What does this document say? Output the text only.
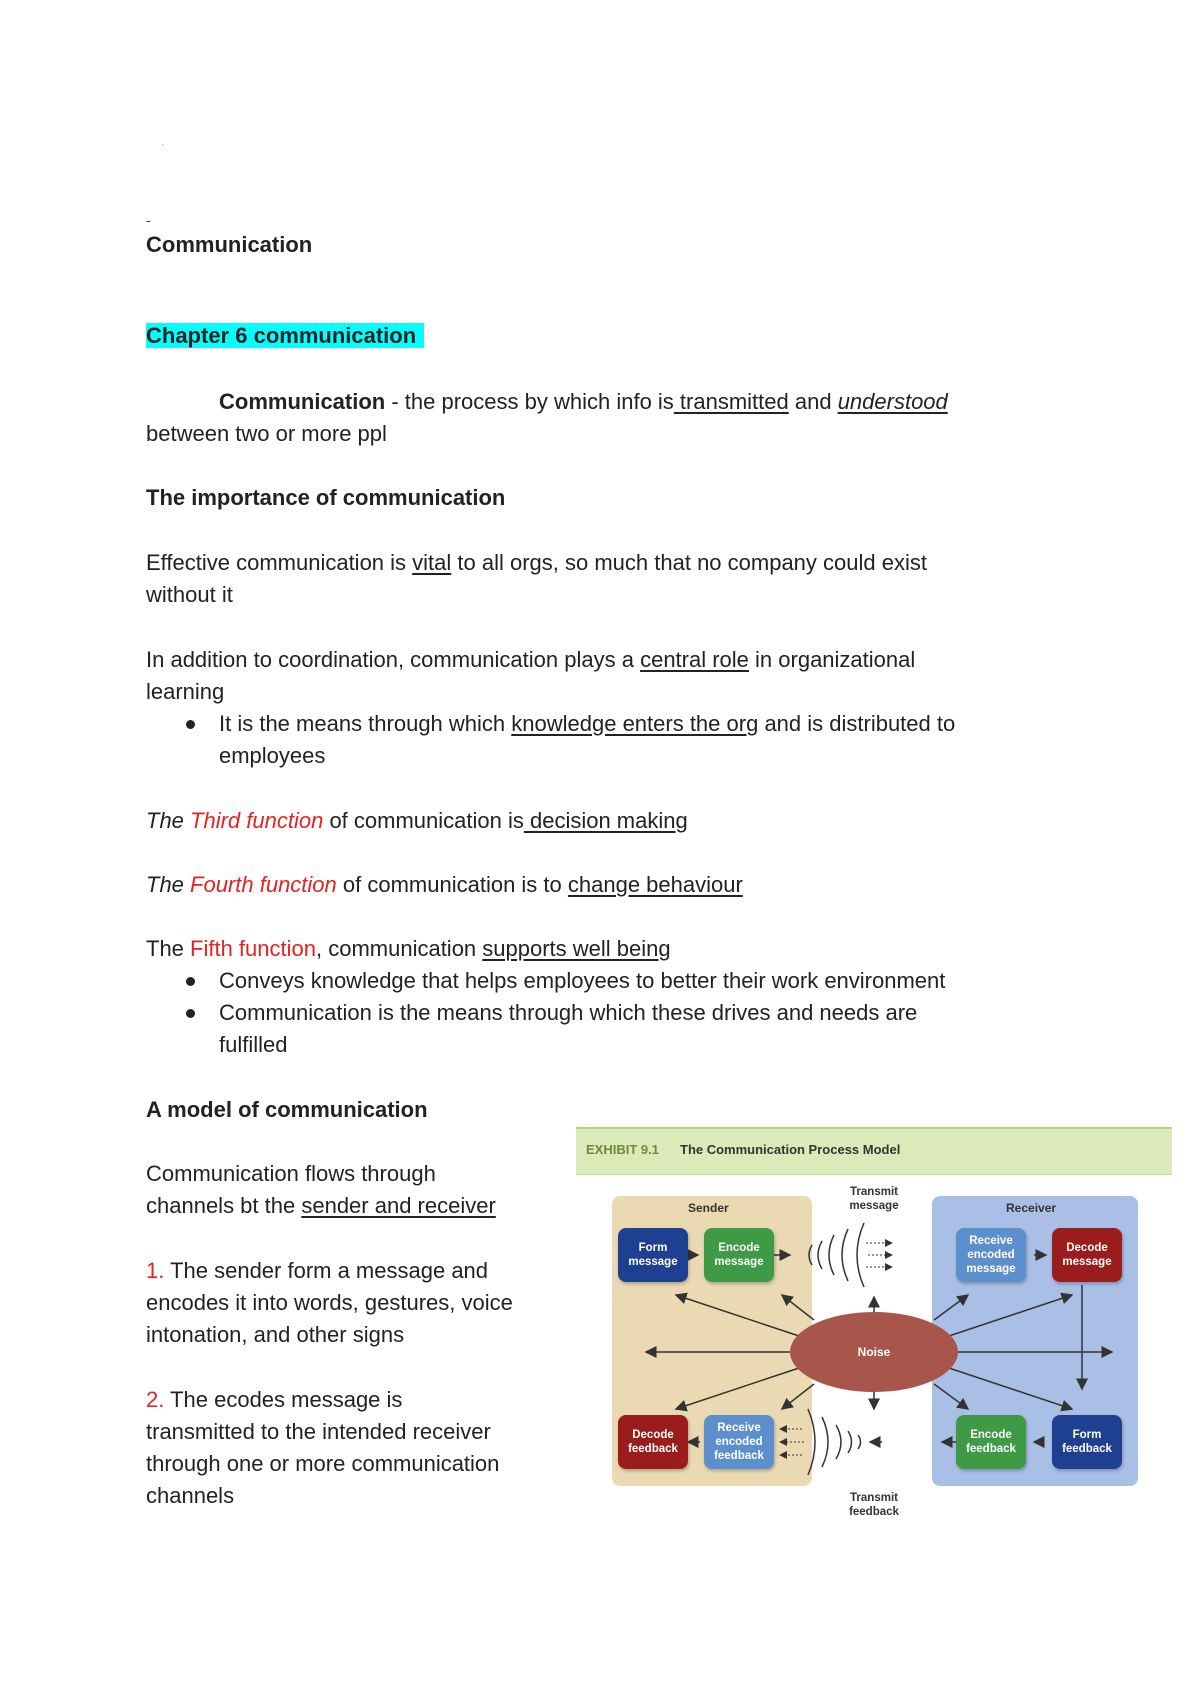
·
-
Communication
Chapter 6 communication
Communication - the process by which info is transmitted and understood
between two or more ppl
The importance of communication
Effective communication is vital to all orgs, so much that no company could exist
without it
In addition to coordination, communication plays a central role in organizational
learning
It is the means through which knowledge enters the org and is distributed to
employees
The Third function of communication is decision making
The Fourth function of communication is to change behaviour
The Fifth function, communication supports well being
Conveys knowledge that helps employees to better their work environment
Communication is the means through which these drives and needs are
fulfilled
A model of communication
Communication flows through
channels bt the sender and receiver
1. The sender form a message and
encodes it into words, gestures, voice
intonation, and other signs
2. The ecodes message is
transmitted to the intended receiver
through one or more communication
channels
EXHIBIT 9.1 The Communication Process Model
Sender	Receiver
Transmit
message
Transmit
feedback
Form
message
Encode
message
Receive
encoded
message
Decode
message
Decode
feedback
Receive
encoded
feedback
Encode
feedback
Form
feedback
Noise
